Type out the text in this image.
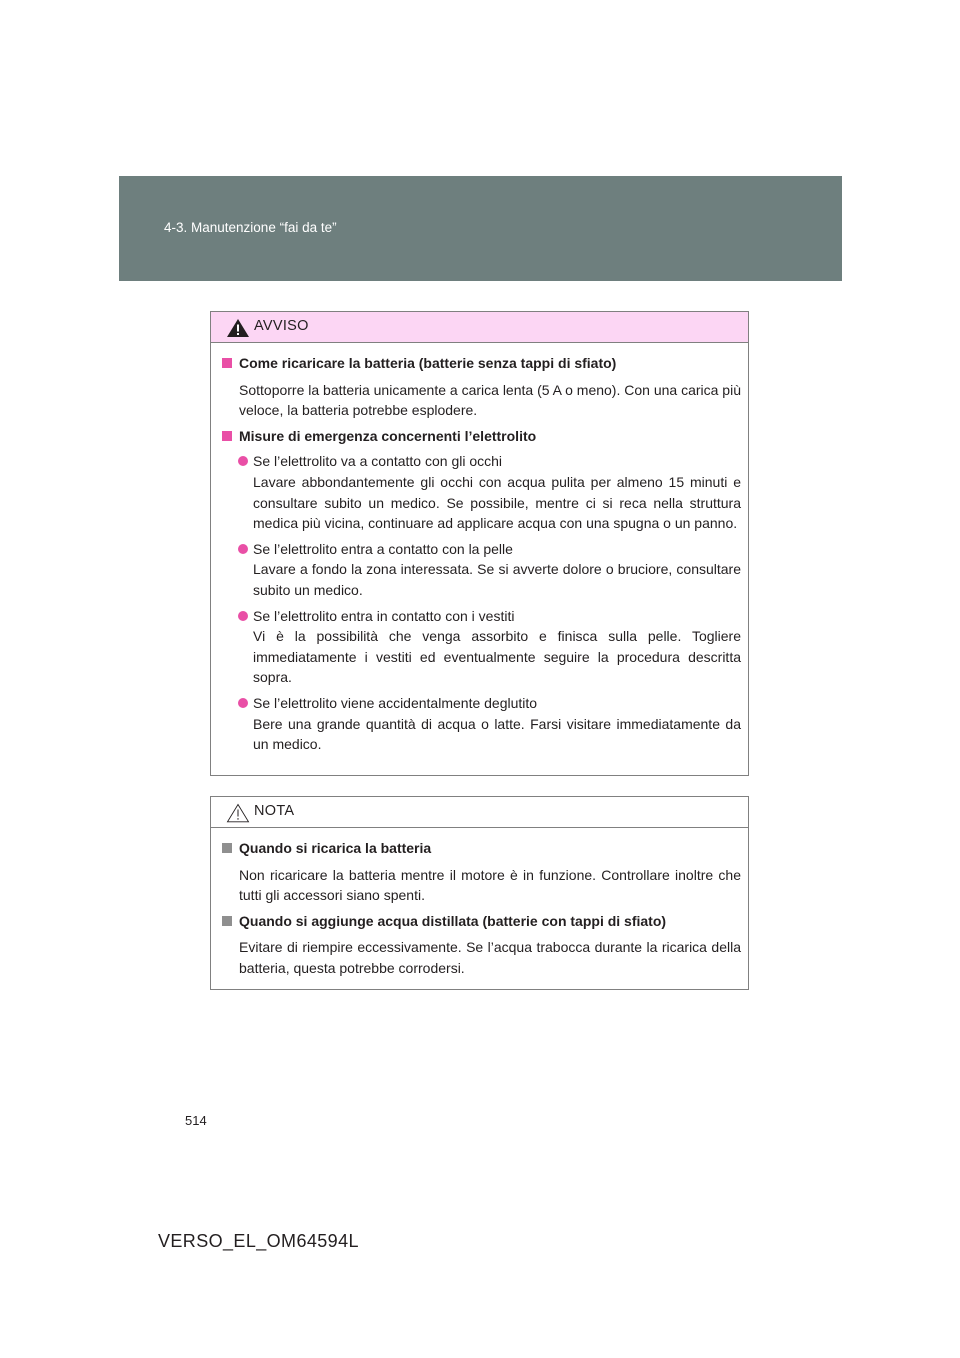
4-3. Manutenzione “fai da te”
AVVISO
Come ricaricare la batteria (batterie senza tappi di sfiato)

Sottoporre la batteria unicamente a carica lenta (5 A o meno). Con una carica più veloce, la batteria potrebbe esplodere.

Misure di emergenza concernenti l’elettrolito

Se l’elettrolito va a contatto con gli occhi

Lavare abbondantemente gli occhi con acqua pulita per almeno 15 minuti e consultare subito un medico. Se possibile, mentre ci si reca nella struttura medica più vicina, continuare ad applicare acqua con una spugna o un panno.

Se l’elettrolito entra a contatto con la pelle

Lavare a fondo la zona interessata. Se si avverte dolore o bruciore, consultare subito un medico.

Se l’elettrolito entra in contatto con i vestiti

Vi è la possibilità che venga assorbito e finisca sulla pelle. Togliere immediatamente i vestiti ed eventualmente seguire la procedura descritta sopra.

Se l’elettrolito viene accidentalmente deglutito

Bere una grande quantità di acqua o latte. Farsi visitare immediatamente da un medico.

NOTA
Quando si ricarica la batteria

Non ricaricare la batteria mentre il motore è in funzione. Controllare inoltre che tutti gli accessori siano spenti.

Quando si aggiunge acqua distillata (batterie con tappi di sfiato)

Evitare di riempire eccessivamente. Se l’acqua trabocca durante la ricarica della batteria, questa potrebbe corrodersi.

514
VERSO_EL_OM64594L
